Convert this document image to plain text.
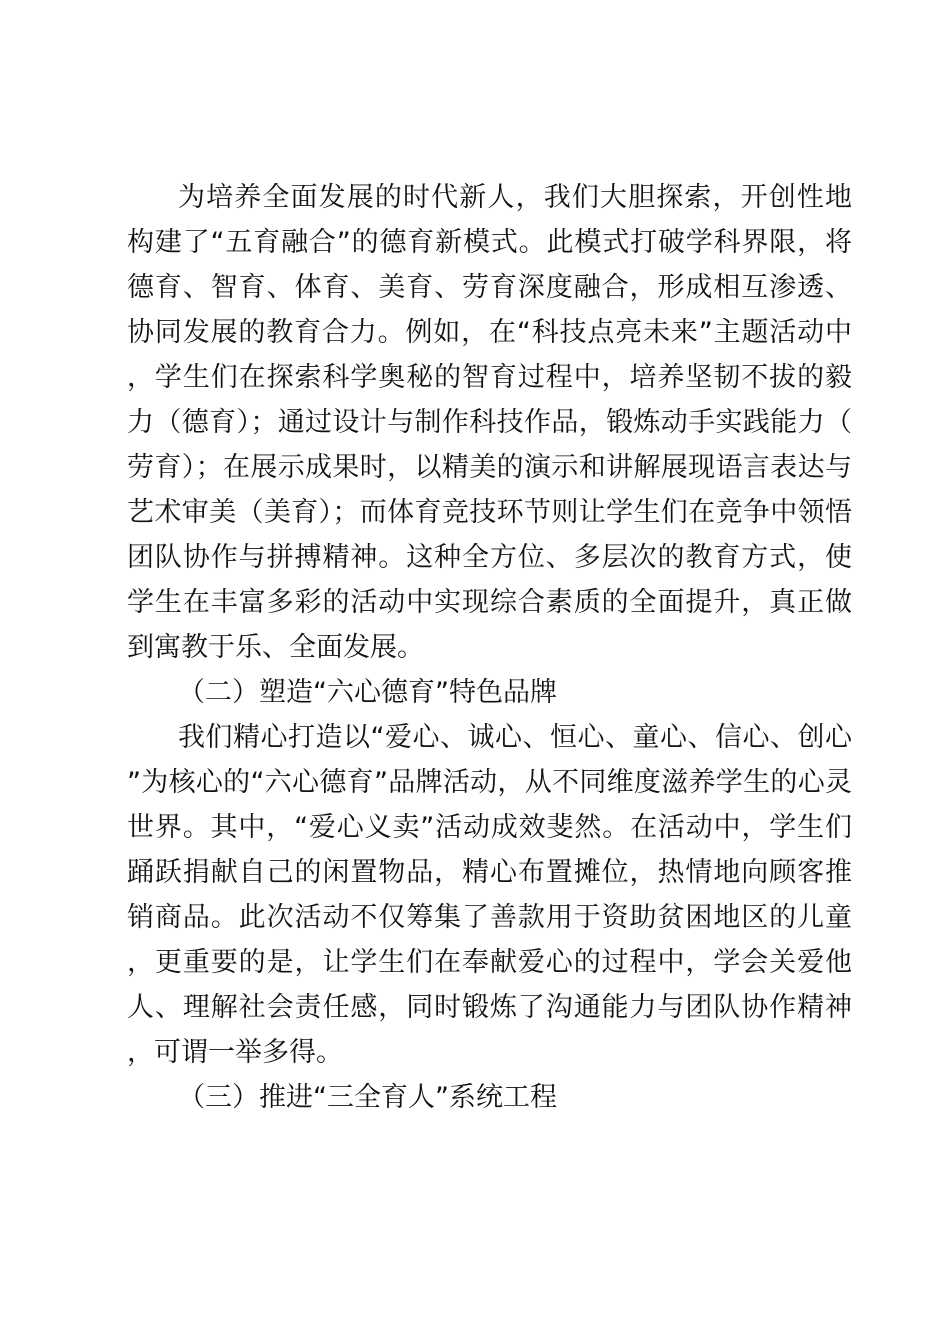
为培养全面发展的时代新人，我们大胆探索，开创性地构建了“五育融合”的德育新模式。此模式打破学科界限，将德育、智育、体育、美育、劳育深度融合，形成相互渗透、协同发展的教育合力。例如，在“科技点亮未来”主题活动中，学生们在探索科学奥秘的智育过程中，培养坚韧不拔的毅力（德育）；通过设计与制作科技作品，锻炼动手实践能力（劳育）；在展示成果时，以精美的演示和讲解展现语言表达与艺术审美（美育）；而体育竞技环节则让学生们在竞争中领悟团队协作与拼搏精神。这种全方位、多层次的教育方式，使学生在丰富多彩的活动中实现综合素质的全面提升，真正做到寓教于乐、全面发展。

（二）塑造“六心德育”特色品牌

我们精心打造以“爱心、诚心、恒心、童心、信心、创心”为核心的“六心德育”品牌活动，从不同维度滋养学生的心灵世界。其中，“爱心义卖”活动成效斐然。在活动中，学生们踊跃捐献自己的闲置物品，精心布置摊位，热情地向顾客推销商品。此次活动不仅筹集了善款用于资助贫困地区的儿童，更重要的是，让学生们在奉献爱心的过程中，学会关爱他人、理解社会责任感，同时锻炼了沟通能力与团队协作精神，可谓一举多得。

（三）推进“三全育人”系统工程
